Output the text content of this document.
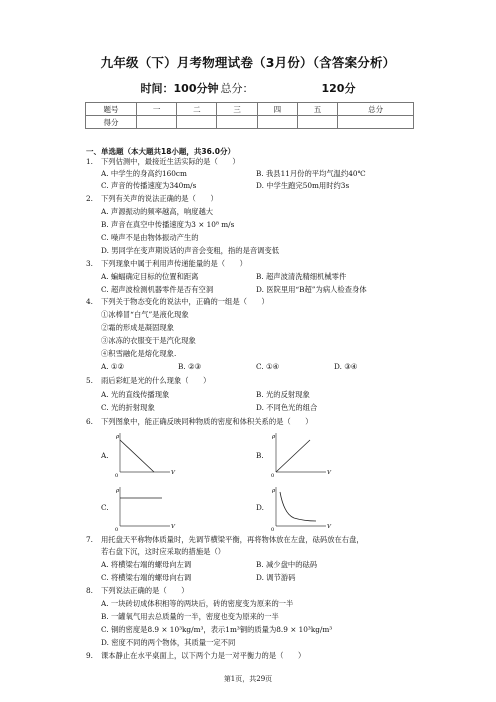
九年级（下）月考物理试卷（3月份）（含答案分析）
时间：100分钟 总分：	120分
题号	一	二	三	四	五	总分
得分						
一、单选题（本大题共18小题，共36.0分）
1. 下列估测中，最接近生活实际的是（　　）
A. 中学生的身高约160cm	B. 我县11月份的平均气温约40℃
C. 声音的传播速度为340m/s	D. 中学生跑完50m用时约3s
2. 下列有关声的说法正确的是（　　）
A. 声源振动的频率越高，响度越大
B. 声音在真空中传播速度为3 × 10⁸ m/s
C. 噪声不是由物体振动产生的
D. 男同学在变声期说话的声音会变粗，指的是音调变低
3. 下列现象中属于利用声传递能量的是（　　）
A. 蝙蝠确定目标的位置和距离	B. 超声波清洗精细机械零件
C. 超声波检测机器零件是否有空洞	D. 医院里用“B超”为病人检查身体
4. 下列关于物态变化的说法中，正确的一组是（　　）
①冰棒冒“白气”是液化现象
②霜的形成是凝固现象
③冰冻的衣服变干是汽化现象
④积雪融化是熔化现象.
A. ①②	B. ②③	C. ①④	D. ③④
5. 雨后彩虹是光的什么现象（　　）
A. 光的直线传播现象	B. 光的反射现象
C. 光的折射现象	D. 不同色光的组合
6. 下列图象中，能正确反映同种物质的密度和体积关系的是（　　）
A.	B.
C.	D.
ρ
V
0
ρ
V
0
ρ
V
0
ρ
V
0
7. 用托盘天平称物体质量时，先调节横梁平衡，再将物体放在左盘，砝码放在右盘，
若右盘下沉，这时应采取的措施是（）
A. 将横梁右端的螺母向左调	B. 减少盘中的砝码
C. 将横梁右端的螺母向右调	D. 调节游码
8. 下列说法正确的是（　　）
A. 一块砖切成体积相等的两块后，砖的密度变为原来的一半
B. 一罐氧气用去总质量的一半，密度也变为原来的一半
C. 铜的密度是8.9 × 10³kg/m³，表示1m³铜的质量为8.9 × 10³kg/m³
D. 密度不同的两个物体，其质量一定不同
9. 课本静止在水平桌面上，以下两个力是一对平衡力的是（　　）
第1页，共29页
